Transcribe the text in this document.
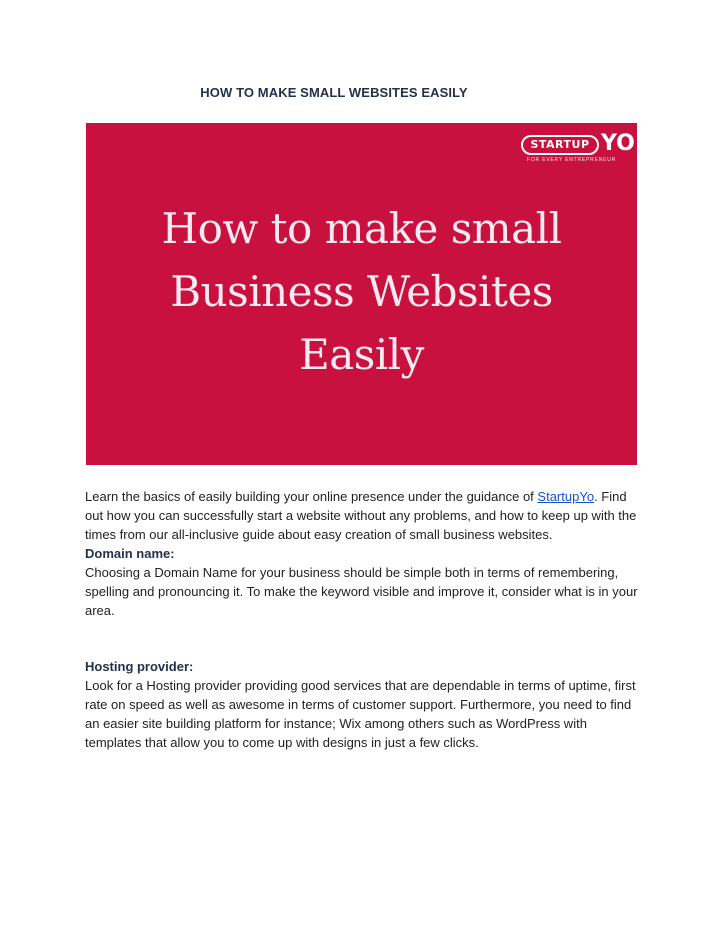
HOW TO MAKE SMALL WEBSITES EASILY
STARTUP YO
FOR EVERY ENTREPRENEUR
How to make small
Business Websites
Easily

Learn the basics of easily building your online presence under the guidance of StartupYo. Find out how you can successfully start a website without any problems, and how to keep up with the times from our all-inclusive guide about easy creation of small business websites.

Domain name:

Choosing a Domain Name for your business should be simple both in terms of remembering, spelling and pronouncing it. To make the keyword visible and improve it, consider what is in your area.

Hosting provider:

Look for a Hosting provider providing good services that are dependable in terms of uptime, first rate on speed as well as awesome in terms of customer support. Furthermore, you need to find an easier site building platform for instance; Wix among others such as WordPress with templates that allow you to come up with designs in just a few clicks.
